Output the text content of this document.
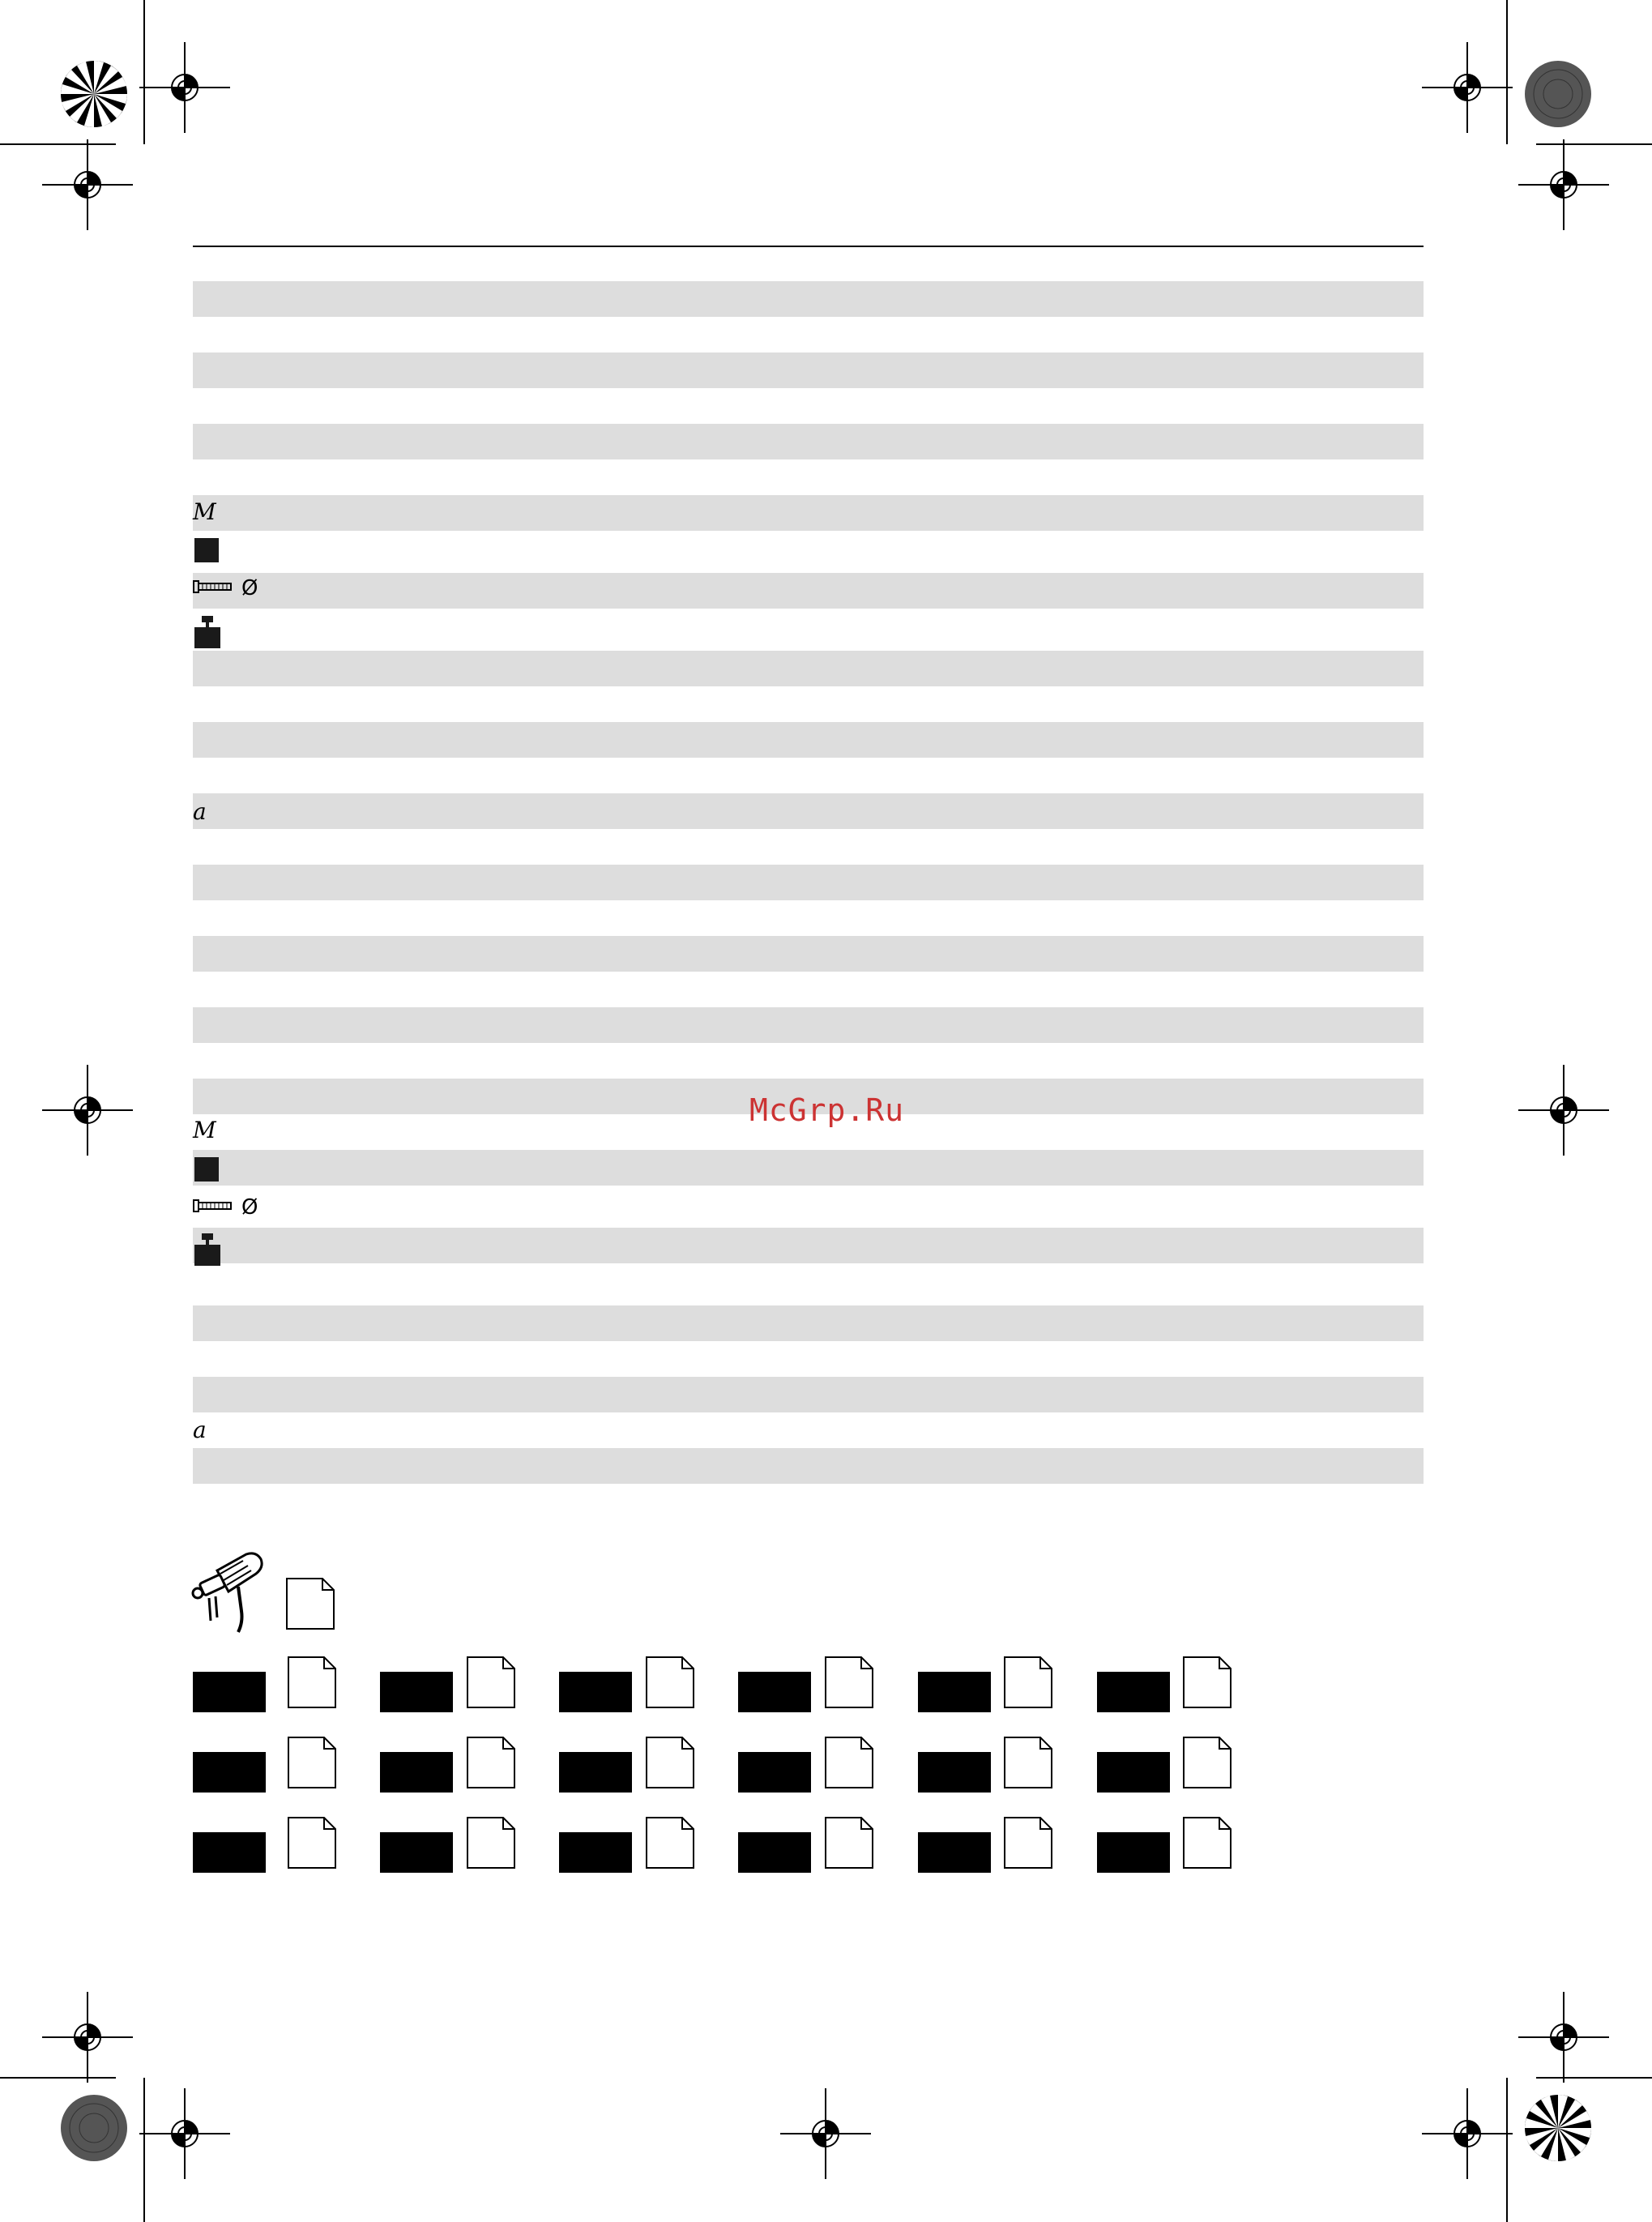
M
Ø
a
M
Ø
a
McGrp.Ru
